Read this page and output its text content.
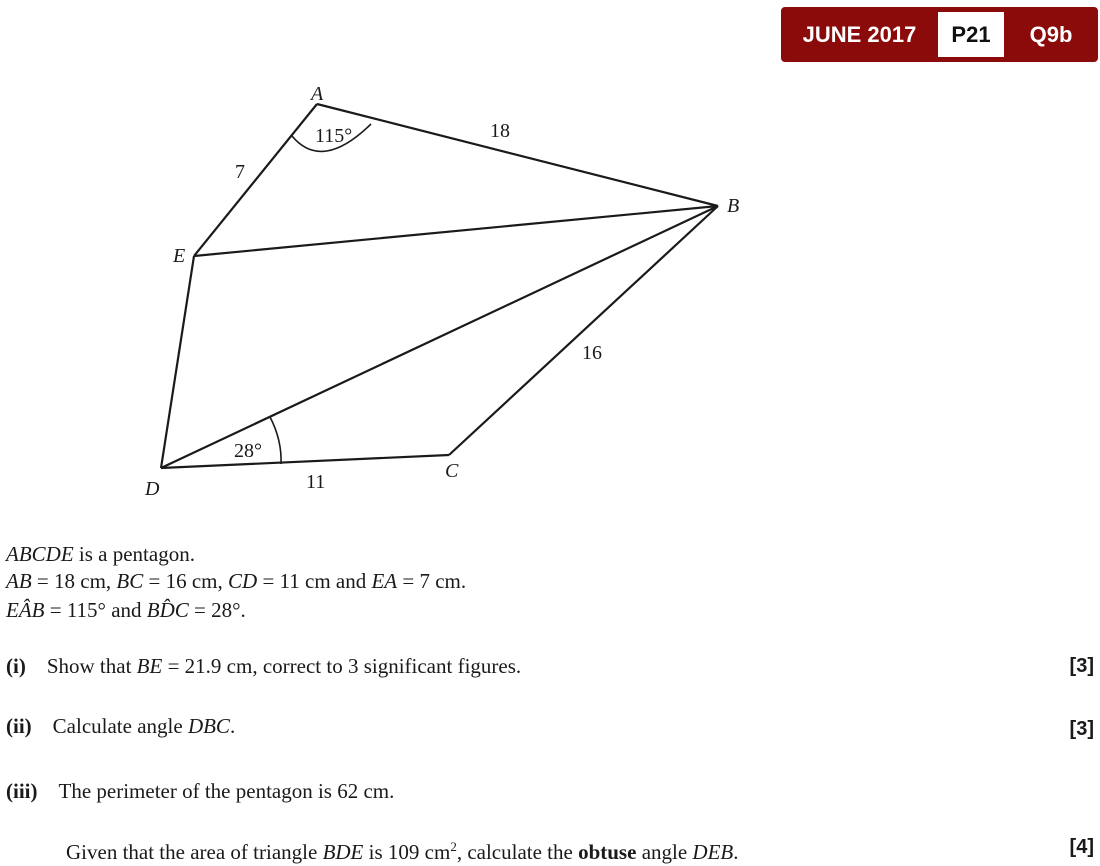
JUNE 2017	P21	Q9b
A
B
C
D
E
7
18
16
11
115°
28°
ABCDE is a pentagon.
AB = 18 cm, BC = 16 cm, CD = 11 cm and EA = 7 cm.
EÂB = 115° and BD̂C = 28°.
(i) Show that BE = 21.9 cm, correct to 3 significant figures.	[3]
(ii) Calculate angle DBC.	[3]
(iii) The perimeter of the pentagon is 62 cm.
Given that the area of triangle BDE is 109 $cm^2$, calculate the obtuse angle DEB.	[4]
